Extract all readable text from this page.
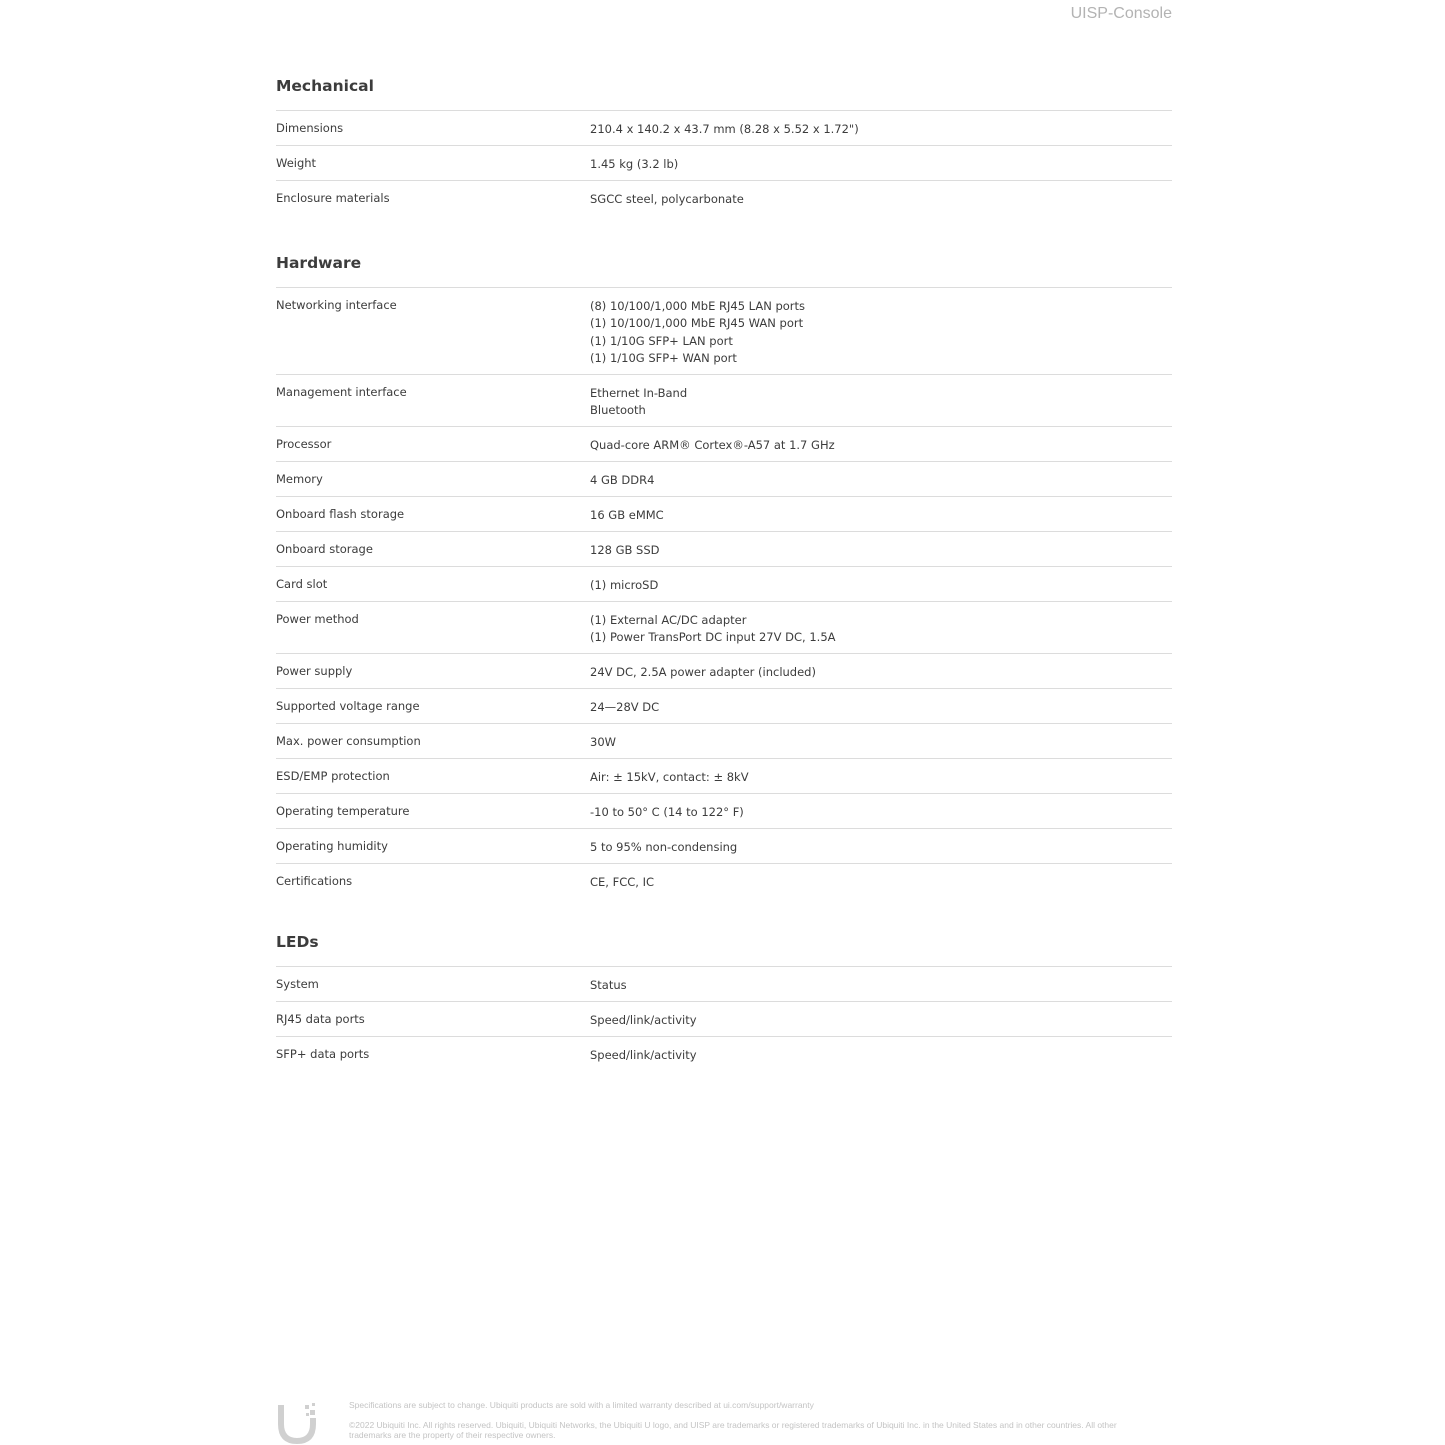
UISP-Console
Mechanical
Dimensions	210.4 x 140.2 x 43.7 mm (8.28 x 5.52 x 1.72")
Weight	1.45 kg (3.2 lb)
Enclosure materials	SGCC steel, polycarbonate
Hardware
Networking interface	(8) 10/100/1,000 MbE RJ45 LAN ports
(1) 10/100/1,000 MbE RJ45 WAN port
(1) 1/10G SFP+ LAN port
(1) 1/10G SFP+ WAN port
Management interface	Ethernet In-Band
Bluetooth
Processor	Quad-core ARM® Cortex®-A57 at 1.7 GHz
Memory	4 GB DDR4
Onboard flash storage	16 GB eMMC
Onboard storage	128 GB SSD
Card slot	(1) microSD
Power method	(1) External AC/DC adapter
(1) Power TransPort DC input 27V DC, 1.5A
Power supply	24V DC, 2.5A power adapter (included)
Supported voltage range	24—28V DC
Max. power consumption	30W
ESD/EMP protection	Air: ± 15kV, contact: ± 8kV
Operating temperature	-10 to 50° C (14 to 122° F)
Operating humidity	5 to 95% non-condensing
Certifications	CE, FCC, IC
LEDs
System	Status
RJ45 data ports	Speed/link/activity
SFP+ data ports	Speed/link/activity
Specifications are subject to change. Ubiquiti products are sold with a limited warranty described at ui.com/support/warranty
©2022 Ubiquiti Inc. All rights reserved. Ubiquiti, Ubiquiti Networks, the Ubiquiti U logo, and UISP are trademarks or registered trademarks of Ubiquiti Inc. in the United States and in other countries. All other trademarks are the property of their respective owners.
